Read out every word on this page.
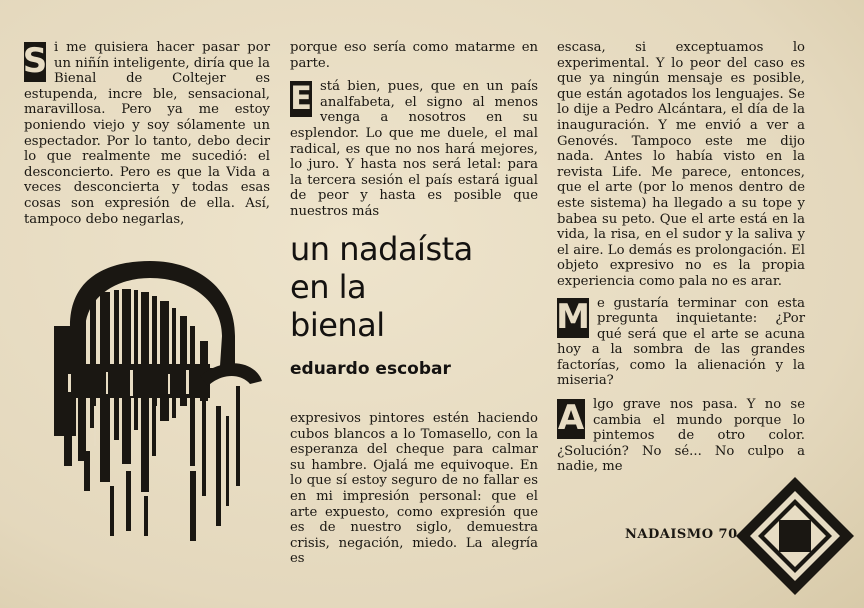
S i me quisiera hacer pasar por un niñín inteligente, diría que la Bienal de Coltejer es estupenda, incre ble, sensacional, maravillosa. Pero ya me estoy poniendo viejo y soy sólamente un espectador. Por lo tanto, debo decir lo que realmente me sucedió: el desconcierto. Pero es que la Vida a veces desconcierta y todas esas cosas son expresión de ella. Así, tampoco debo negarlas,

porque eso sería como matarme en parte.

E stá bien, pues, que en un país analfabeta, el signo al menos venga a nosotros en su esplendor. Lo que me duele, el mal radical, es que no nos hará mejores, lo juro. Y hasta nos será letal: para la tercera sesión el país estará igual de peor y hasta es posible que nuestros más

un nadaísta
en la
bienal
eduardo escobar

expresivos pintores estén haciendo cubos blancos a lo Tomasello, con la esperanza del cheque para calmar su hambre. Ojalá me equivoque. En lo que sí estoy seguro de no fallar es en mi impresión personal: que el arte expuesto, como expresión que es de nuestro siglo, demuestra crisis, negación, miedo. La alegría es

escasa, si exceptuamos lo experimental. Y lo peor del caso es que ya ningún mensaje es posible, que están agotados los lenguajes. Se lo dije a Pedro Alcántara, el día de la inauguración. Y me envió a ver a Genovés. Tampoco este me dijo nada. Antes lo había visto en la revista Life. Me parece, entonces, que el arte (por lo menos dentro de este sistema) ha llegado a su tope y babea su peto. Que el arte está en la vida, la risa, en el sudor y la saliva y el aire. Lo demás es prolongación. El objeto expresivo no es la propia experiencia como pala no es arar.

M e gustaría terminar con esta pregunta inquietante: ¿Por qué será que el arte se acuna hoy a la sombra de las grandes factorías, como la alienación y la miseria?

A lgo grave nos pasa. Y no se cambia el mundo porque lo pintemos de otro color. ¿Solución? No sé... No culpo a nadie, me

NADAISMO 70
